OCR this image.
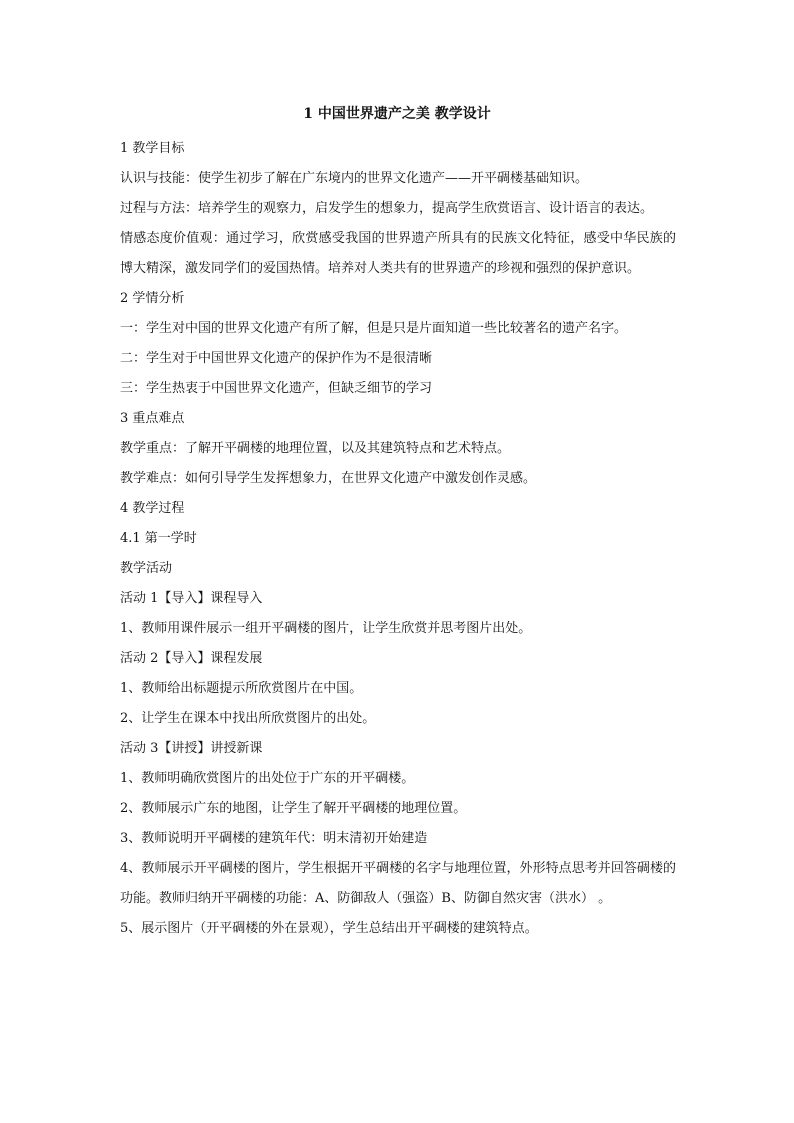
1 中国世界遗产之美 教学设计

1 教学目标

认识与技能：使学生初步了解在广东境内的世界文化遗产——开平碉楼基础知识。

过程与方法：培养学生的观察力，启发学生的想象力，提高学生欣赏语言、设计语言的表达。

情感态度价值观：通过学习，欣赏感受我国的世界遗产所具有的民族文化特征，感受中华民族的博大精深，激发同学们的爱国热情。培养对人类共有的世界遗产的珍视和强烈的保护意识。

2 学情分析

一：学生对中国的世界文化遗产有所了解，但是只是片面知道一些比较著名的遗产名字。

二：学生对于中国世界文化遗产的保护作为不是很清晰

三：学生热衷于中国世界文化遗产，但缺乏细节的学习

3 重点难点

教学重点：了解开平碉楼的地理位置，以及其建筑特点和艺术特点。

教学难点：如何引导学生发挥想象力，在世界文化遗产中激发创作灵感。

4 教学过程

4.1 第一学时

教学活动

活动 1【导入】课程导入

1、教师用课件展示一组开平碉楼的图片，让学生欣赏并思考图片出处。

活动 2【导入】课程发展

1、教师给出标题提示所欣赏图片在中国。

2、让学生在课本中找出所欣赏图片的出处。

活动 3【讲授】讲授新课

1、教师明确欣赏图片的出处位于广东的开平碉楼。

2、教师展示广东的地图，让学生了解开平碉楼的地理位置。

3、教师说明开平碉楼的建筑年代：明末清初开始建造

4、教师展示开平碉楼的图片，学生根据开平碉楼的名字与地理位置，外形特点思考并回答碉楼的功能。教师归纳开平碉楼的功能：A、防御敌人（强盗）B、防御自然灾害（洪水） 。

5、展示图片（开平碉楼的外在景观），学生总结出开平碉楼的建筑特点。
